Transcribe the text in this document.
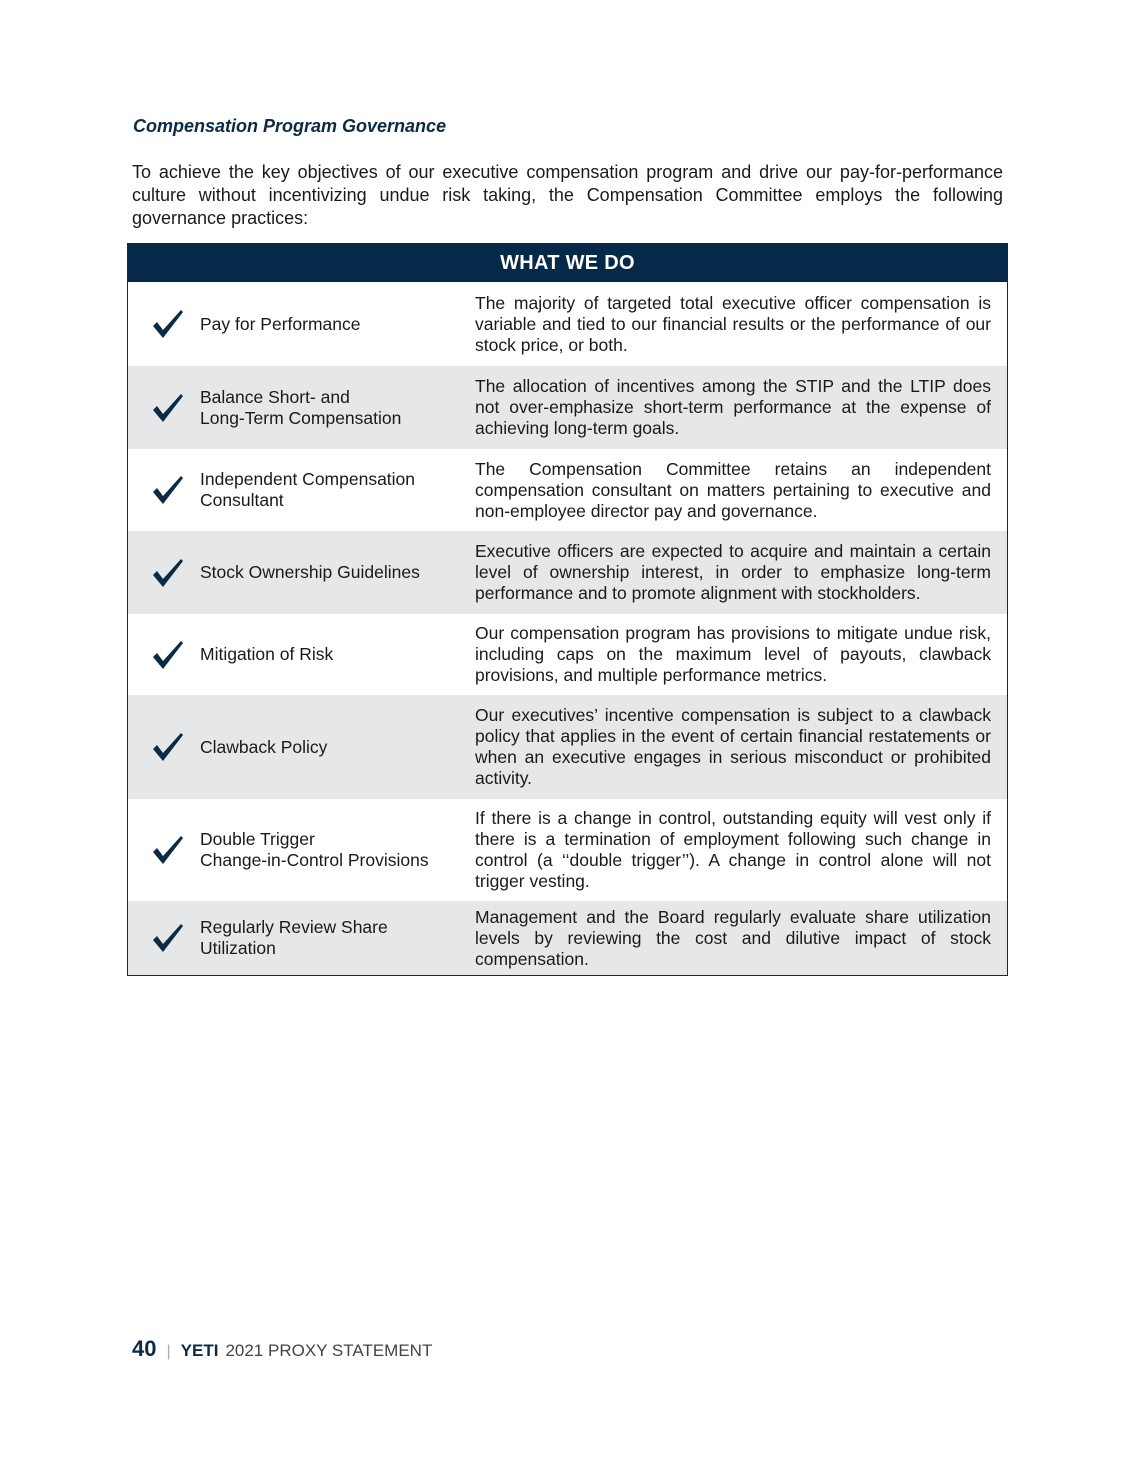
Compensation Program Governance

To achieve the key objectives of our executive compensation program and drive our pay-for-performance culture without incentivizing undue risk taking, the Compensation Committee employs the following governance practices:

WHAT WE DO
Pay for Performance
The majority of targeted total executive officer compensation is variable and tied to our financial results or the performance of our stock price, or both.
Balance Short- and
Long-Term Compensation
The allocation of incentives among the STIP and the LTIP does not over-emphasize short-term performance at the expense of achieving long-term goals.
Independent Compensation
Consultant
The Compensation Committee retains an independent compensation consultant on matters pertaining to executive and non-employee director pay and governance.
Stock Ownership Guidelines
Executive officers are expected to acquire and maintain a certain level of ownership interest, in order to emphasize long-term performance and to promote alignment with stockholders.
Mitigation of Risk
Our compensation program has provisions to mitigate undue risk, including caps on the maximum level of payouts, clawback provisions, and multiple performance metrics.
Clawback Policy
Our executives’ incentive compensation is subject to a clawback policy that applies in the event of certain financial restatements or when an executive engages in serious misconduct or prohibited activity.
Double Trigger
Change-in-Control Provisions
If there is a change in control, outstanding equity will vest only if there is a termination of employment following such change in control (a ‘‘double trigger’’). A change in control alone will not trigger vesting.
Regularly Review Share
Utilization
Management and the Board regularly evaluate share utilization levels by reviewing the cost and dilutive impact of stock compensation.
40 | YETI 2021 PROXY STATEMENT
